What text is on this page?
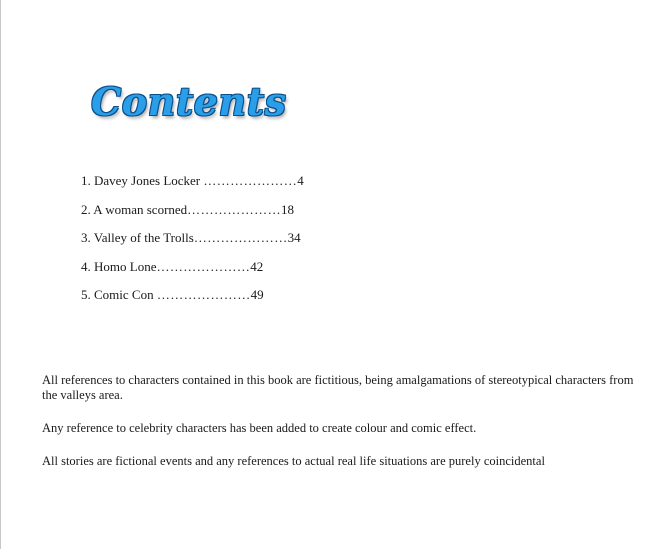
Contents
1. Davey Jones Locker …………………4
2. A woman scorned…………………18
3. Valley of the Trolls…………………34
4. Homo Lone…………………42
5. Comic Con …………………49

All references to characters contained in this book are fictitious, being amalgamations of stereotypical characters from the valleys area.

Any reference to celebrity characters has been added to create colour and comic effect.

All stories are fictional events and any references to actual real life situations are purely coincidental
